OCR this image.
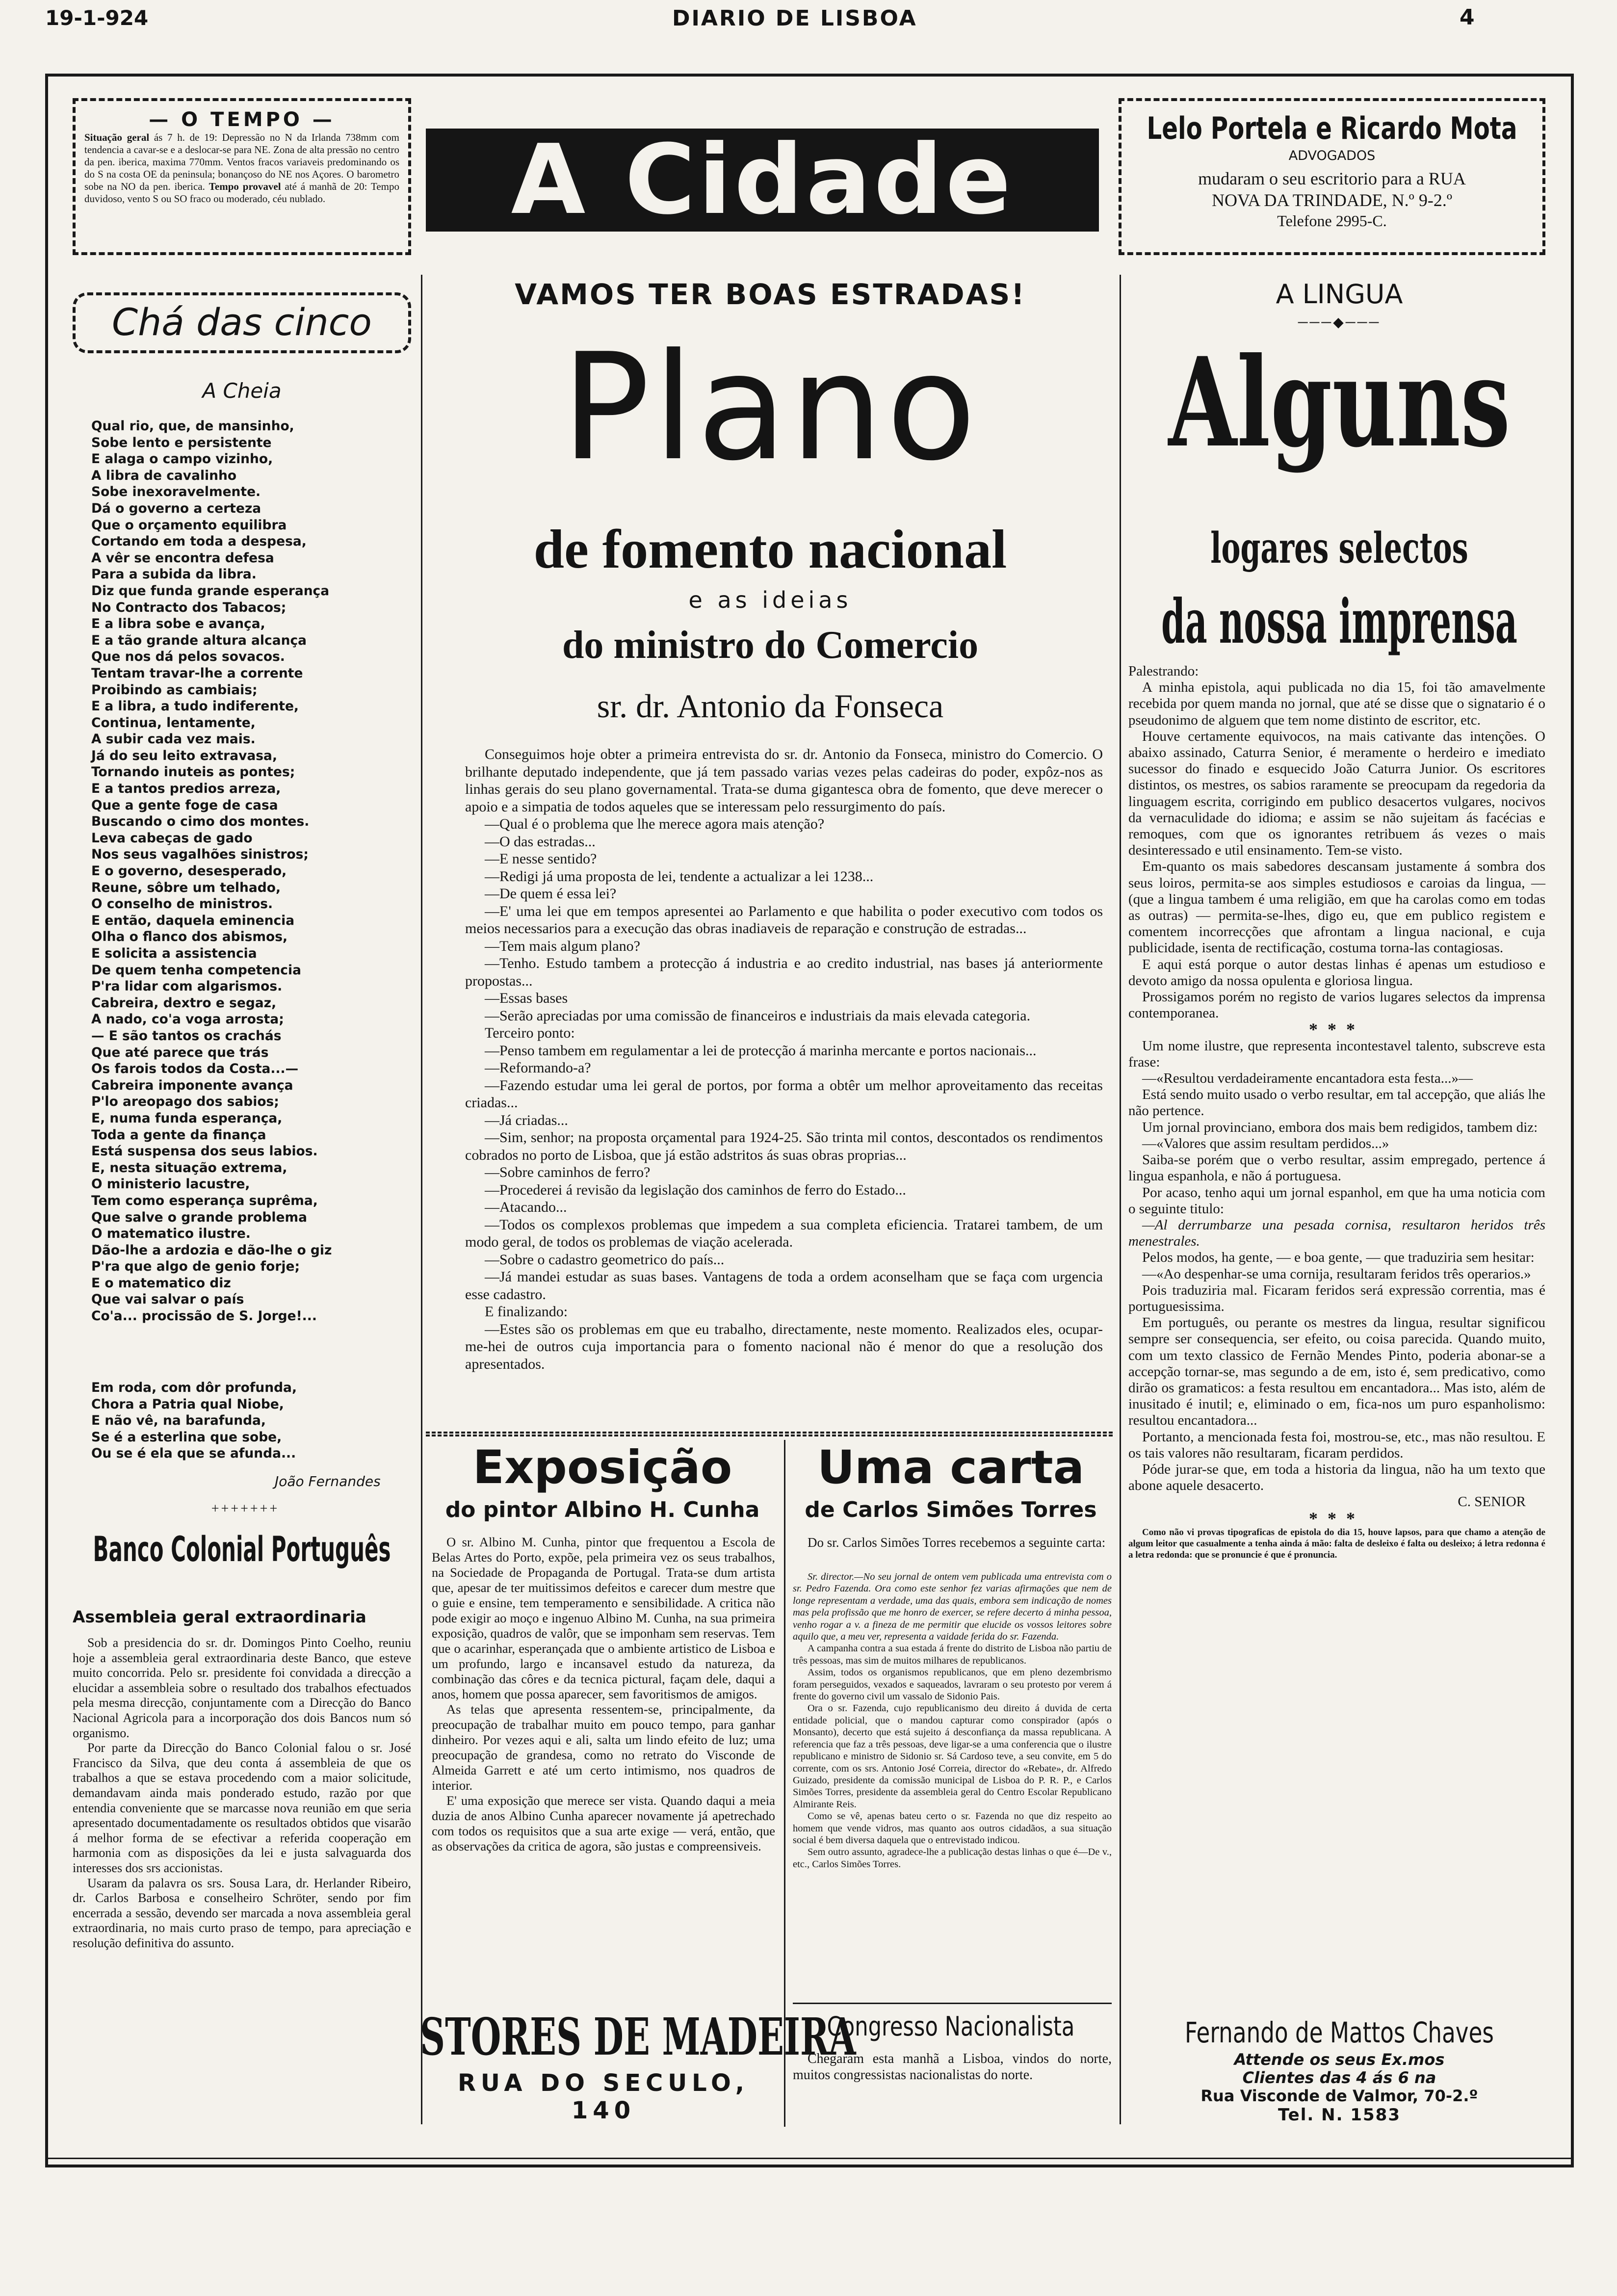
19-1-924	DIARIO DE LISBOA	4
— O TEMPO —
Situação geral ás 7 h. de 19: Depressão no N da Irlanda 738mm com tendencia a cavar-se e a deslocar-se para NE. Zona de alta pressão no centro da pen. iberica, maxima 770mm. Ventos fracos variaveis predominando os do S na costa OE da peninsula; bonançoso do NE nos Açores. O barometro sobe na NO da pen. iberica. Tempo provavel até á manhã de 20: Tempo duvidoso, vento S ou SO fraco ou moderado, céu nublado.	A Cidade	Lelo Portela e Ricardo Mota
ADVOGADOS
mudaram o seu escritorio para a RUA
NOVA DA TRINDADE, N.º 9-2.º
Telefone 2995-C.
Chá das cinco
A Cheia
Qual rio, que, de mansinho,
Sobe lento e persistente
E alaga o campo vizinho,
A libra de cavalinho
Sobe inexoravelmente.
Dá o governo a certeza
Que o orçamento equilibra
Cortando em toda a despesa,
A vêr se encontra defesa
Para a subida da libra.
Diz que funda grande esperança
No Contracto dos Tabacos;
E a libra sobe e avança,
E a tão grande altura alcança
Que nos dá pelos sovacos.
Tentam travar-lhe a corrente
Proibindo as cambiais;
E a libra, a tudo indiferente,
Continua, lentamente,
A subir cada vez mais.
Já do seu leito extravasa,
Tornando inuteis as pontes;
E a tantos predios arreza,
Que a gente foge de casa
Buscando o cimo dos montes.
Leva cabeças de gado
Nos seus vagalhões sinistros;
E o governo, desesperado,
Reune, sôbre um telhado,
O conselho de ministros.
E então, daquela eminencia
Olha o flanco dos abismos,
E solicita a assistencia
De quem tenha competencia
P'ra lidar com algarismos.
Cabreira, dextro e segaz,
A nado, co'a voga arrosta;
— E são tantos os crachás
Que até parece que trás
Os farois todos da Costa...—
Cabreira imponente avança
P'lo areopago dos sabios;
E, numa funda esperança,
Toda a gente da finança
Está suspensa dos seus labios.
E, nesta situação extrema,
O ministerio lacustre,
Tem como esperança suprêma,
Que salve o grande problema
O matematico ilustre.
Dão-lhe a ardozia e dão-lhe o giz
P'ra que algo de genio forje;
E o matematico diz
Que vai salvar o país
Co'a... procissão de S. Jorge!...
Em roda, com dôr profunda,
Chora a Patria qual Niobe,
E não vê, na barafunda,
Se é a esterlina que sobe,
Ou se é ela que se afunda...
João Fernandes
+++++++
Banco Colonial Português
Assembleia geral extraordinaria

Sob a presidencia do sr. dr. Domingos Pinto Coelho, reuniu hoje a assembleia geral extraordinaria deste Banco, que esteve muito concorrida. Pelo sr. presidente foi convidada a direcção a elucidar a assembleia sobre o resultado dos trabalhos efectuados pela mesma direcção, conjuntamente com a Direcção do Banco Nacional Agricola para a incorporação dos dois Bancos num só organismo.

Por parte da Direcção do Banco Colonial falou o sr. José Francisco da Silva, que deu conta á assembleia de que os trabalhos a que se estava procedendo com a maior solicitude, demandavam ainda mais ponderado estudo, razão por que entendia conveniente que se marcasse nova reunião em que seria apresentado documentadamente os resultados obtidos que visarão á melhor forma de se efectivar a referida cooperação em harmonia com as disposições da lei e justa salvaguarda dos interesses dos srs accionistas.

Usaram da palavra os srs. Sousa Lara, dr. Herlander Ribeiro, dr. Carlos Barbosa e conselheiro Schröter, sendo por fim encerrada a sessão, devendo ser marcada a nova assembleia geral extraordinaria, no mais curto praso de tempo, para apreciação e resolução definitiva do assunto.

VAMOS TER BOAS ESTRADAS!
Plano
de fomento nacional
e as ideias
do ministro do Comercio
sr. dr. Antonio da Fonseca

Conseguimos hoje obter a primeira entrevista do sr. dr. Antonio da Fonseca, ministro do Comercio. O brilhante deputado independente, que já tem passado varias vezes pelas cadeiras do poder, expôz-nos as linhas gerais do seu plano governamental. Trata-se duma gigantesca obra de fomento, que deve merecer o apoio e a simpatia de todos aqueles que se interessam pelo ressurgimento do país.

—Qual é o problema que lhe merece agora mais atenção?

—O das estradas...

—E nesse sentido?

—Redigi já uma proposta de lei, tendente a actualizar a lei 1238...

—De quem é essa lei?

—E' uma lei que em tempos apresentei ao Parlamento e que habilita o poder executivo com todos os meios necessarios para a execução das obras inadiaveis de reparação e construção de estradas...

—Tem mais algum plano?

—Tenho. Estudo tambem a protecção á industria e ao credito industrial, nas bases já anteriormente propostas...

—Essas bases

—Serão apreciadas por uma comissão de financeiros e industriais da mais elevada categoria.

Terceiro ponto:

—Penso tambem em regulamentar a lei de protecção á marinha mercante e portos nacionais...

—Reformando-a?

—Fazendo estudar uma lei geral de portos, por forma a obtêr um melhor aproveitamento das receitas criadas...

—Já criadas...

—Sim, senhor; na proposta orçamental para 1924-25. São trinta mil contos, descontados os rendimentos cobrados no porto de Lisboa, que já estão adstritos ás suas obras proprias...

—Sobre caminhos de ferro?

—Procederei á revisão da legislação dos caminhos de ferro do Estado...

—Atacando...

—Todos os complexos problemas que impedem a sua completa eficiencia. Tratarei tambem, de um modo geral, de todos os problemas de viação acelerada.

—Sobre o cadastro geometrico do país...

—Já mandei estudar as suas bases. Vantagens de toda a ordem aconselham que se faça com urgencia esse cadastro.

E finalizando:

—Estes são os problemas em que eu trabalho, directamente, neste momento. Realizados eles, ocupar-me-hei de outros cuja importancia para o fomento nacional não é menor do que a resolução dos apresentados.

Exposição
do pintor Albino H. Cunha

O sr. Albino M. Cunha, pintor que frequentou a Escola de Belas Artes do Porto, expõe, pela primeira vez os seus trabalhos, na Sociedade de Propaganda de Portugal. Trata-se dum artista que, apesar de ter muitissimos defeitos e carecer dum mestre que o guie e ensine, tem temperamento e sensibilidade. A critica não pode exigir ao moço e ingenuo Albino M. Cunha, na sua primeira exposição, quadros de valôr, que se imponham sem reservas. Tem que o acarinhar, esperançada que o ambiente artistico de Lisboa e um profundo, largo e incansavel estudo da natureza, da combinação das côres e da tecnica pictural, façam dele, daqui a anos, homem que possa aparecer, sem favoritismos de amigos.

As telas que apresenta ressentem-se, principalmente, da preocupação de trabalhar muito em pouco tempo, para ganhar dinheiro. Por vezes aqui e ali, salta um lindo efeito de luz; uma preocupação de grandesa, como no retrato do Visconde de Almeida Garrett e até um certo intimismo, nos quadros de interior.

E' uma exposição que merece ser vista. Quando daqui a meia duzia de anos Albino Cunha aparecer novamente já apetrechado com todos os requisitos que a sua arte exige — verá, então, que as observações da critica de agora, são justas e compreensiveis.

STORES DE MADEIRA
RUA DO SECULO, 140
Uma carta
de Carlos Simões Torres
Do sr. Carlos Simões Torres recebemos a seguinte carta:

Sr. director.—No seu jornal de ontem vem publicada uma entrevista com o sr. Pedro Fazenda. Ora como este senhor fez varias afirmações que nem de longe representam a verdade, uma das quais, embora sem indicação de nomes mas pela profissão que me honro de exercer, se refere decerto á minha pessoa, venho rogar a v. a fineza de me permitir que elucide os vossos leitores sobre aquilo que, a meu ver, representa a vaidade ferida do sr. Fazenda.

A campanha contra a sua estada á frente do distrito de Lisboa não partiu de três pessoas, mas sim de muitos milhares de republicanos.

Assim, todos os organismos republicanos, que em pleno dezembrismo foram perseguidos, vexados e saqueados, lavraram o seu protesto por verem á frente do governo civil um vassalo de Sidonio Pais.

Ora o sr. Fazenda, cujo republicanismo deu direito á duvida de certa entidade policial, que o mandou capturar como conspirador (após o Monsanto), decerto que está sujeito á desconfiança da massa republicana. A referencia que faz a três pessoas, deve ligar-se a uma conferencia que o ilustre republicano e ministro de Sidonio sr. Sá Cardoso teve, a seu convite, em 5 do corrente, com os srs. Antonio José Correia, director do «Rebate», dr. Alfredo Guizado, presidente da comissão municipal de Lisboa do P. R. P., e Carlos Simões Torres, presidente da assembleia geral do Centro Escolar Republicano Almirante Reis.

Como se vê, apenas bateu certo o sr. Fazenda no que diz respeito ao homem que vende vidros, mas quanto aos outros cidadãos, a sua situação social é bem diversa daquela que o entrevistado indicou.

Sem outro assunto, agradece-lhe a publicação destas linhas o que é—De v., etc., Carlos Simões Torres.

Congresso Nacionalista
Chegaram esta manhã a Lisboa, vindos do norte, muitos congressistas nacionalistas do norte.
A LINGUA
───◆───
Alguns
logares selectos
da nossa imprensa

Palestrando:

A minha epistola, aqui publicada no dia 15, foi tão amavelmente recebida por quem manda no jornal, que até se disse que o signatario é o pseudonimo de alguem que tem nome distinto de escritor, etc.

Houve certamente equivocos, na mais cativante das intenções. O abaixo assinado, Caturra Senior, é meramente o herdeiro e imediato sucessor do finado e esquecido João Caturra Junior. Os escritores distintos, os mestres, os sabios raramente se preocupam da regedoria da linguagem escrita, corrigindo em publico desacertos vulgares, nocivos da vernaculidade do idioma; e assim se não sujeitam ás facécias e remoques, com que os ignorantes retribuem ás vezes o mais desinteressado e util ensinamento. Tem-se visto.

Em-quanto os mais sabedores descansam justamente á sombra dos seus loiros, permita-se aos simples estudiosos e caroias da lingua, — (que a lingua tambem é uma religião, em que ha carolas como em todas as outras) — permita-se-lhes, digo eu, que em publico registem e comentem incorrecções que afrontam a lingua nacional, e cuja publicidade, isenta de rectificação, costuma torna-las contagiosas.

E aqui está porque o autor destas linhas é apenas um estudioso e devoto amigo da nossa opulenta e gloriosa lingua.

Prossigamos porém no registo de varios lugares selectos da imprensa contemporanea.

***

Um nome ilustre, que representa incontestavel talento, subscreve esta frase:

—«Resultou verdadeiramente encantadora esta festa...»—

Está sendo muito usado o verbo resultar, em tal accepção, que aliás lhe não pertence.

Um jornal provinciano, embora dos mais bem redigidos, tambem diz:

—«Valores que assim resultam perdidos...»

Saiba-se porém que o verbo resultar, assim empregado, pertence á lingua espanhola, e não á portuguesa.

Por acaso, tenho aqui um jornal espanhol, em que ha uma noticia com o seguinte titulo:

—Al derrumbarze una pesada cornisa, resultaron heridos três menestrales.

Pelos modos, ha gente, — e boa gente, — que traduziria sem hesitar:

—«Ao despenhar-se uma cornija, resultaram feridos três operarios.»

Pois traduziria mal. Ficaram feridos será expressão correntia, mas é portuguesissima.

Em português, ou perante os mestres da lingua, resultar significou sempre ser consequencia, ser efeito, ou coisa parecida. Quando muito, com um texto classico de Fernão Mendes Pinto, poderia abonar-se a accepção tornar-se, mas segundo a de em, isto é, sem predicativo, como dirão os gramaticos: a festa resultou em encantadora... Mas isto, além de inusitado é inutil; e, eliminado o em, fica-nos um puro espanholismo: resultou encantadora...

Portanto, a mencionada festa foi, mostrou-se, etc., mas não resultou. E os tais valores não resultaram, ficaram perdidos.

Póde jurar-se que, em toda a historia da lingua, não ha um texto que abone aquele desacerto.

C. SENIOR

***

Como não vi provas tipograficas de epistola do dia 15, houve lapsos, para que chamo a atenção de algum leitor que casualmente a tenha ainda á mão: falta de desleixo é falta ou desleixo; á letra redonna é a letra redonda: que se pronuncie é que é pronuncia.

Fernando de Mattos Chaves
Attende os seus Ex.mos
Clientes das 4 ás 6 na
Rua Visconde de Valmor, 70-2.º
Tel. N. 1583
